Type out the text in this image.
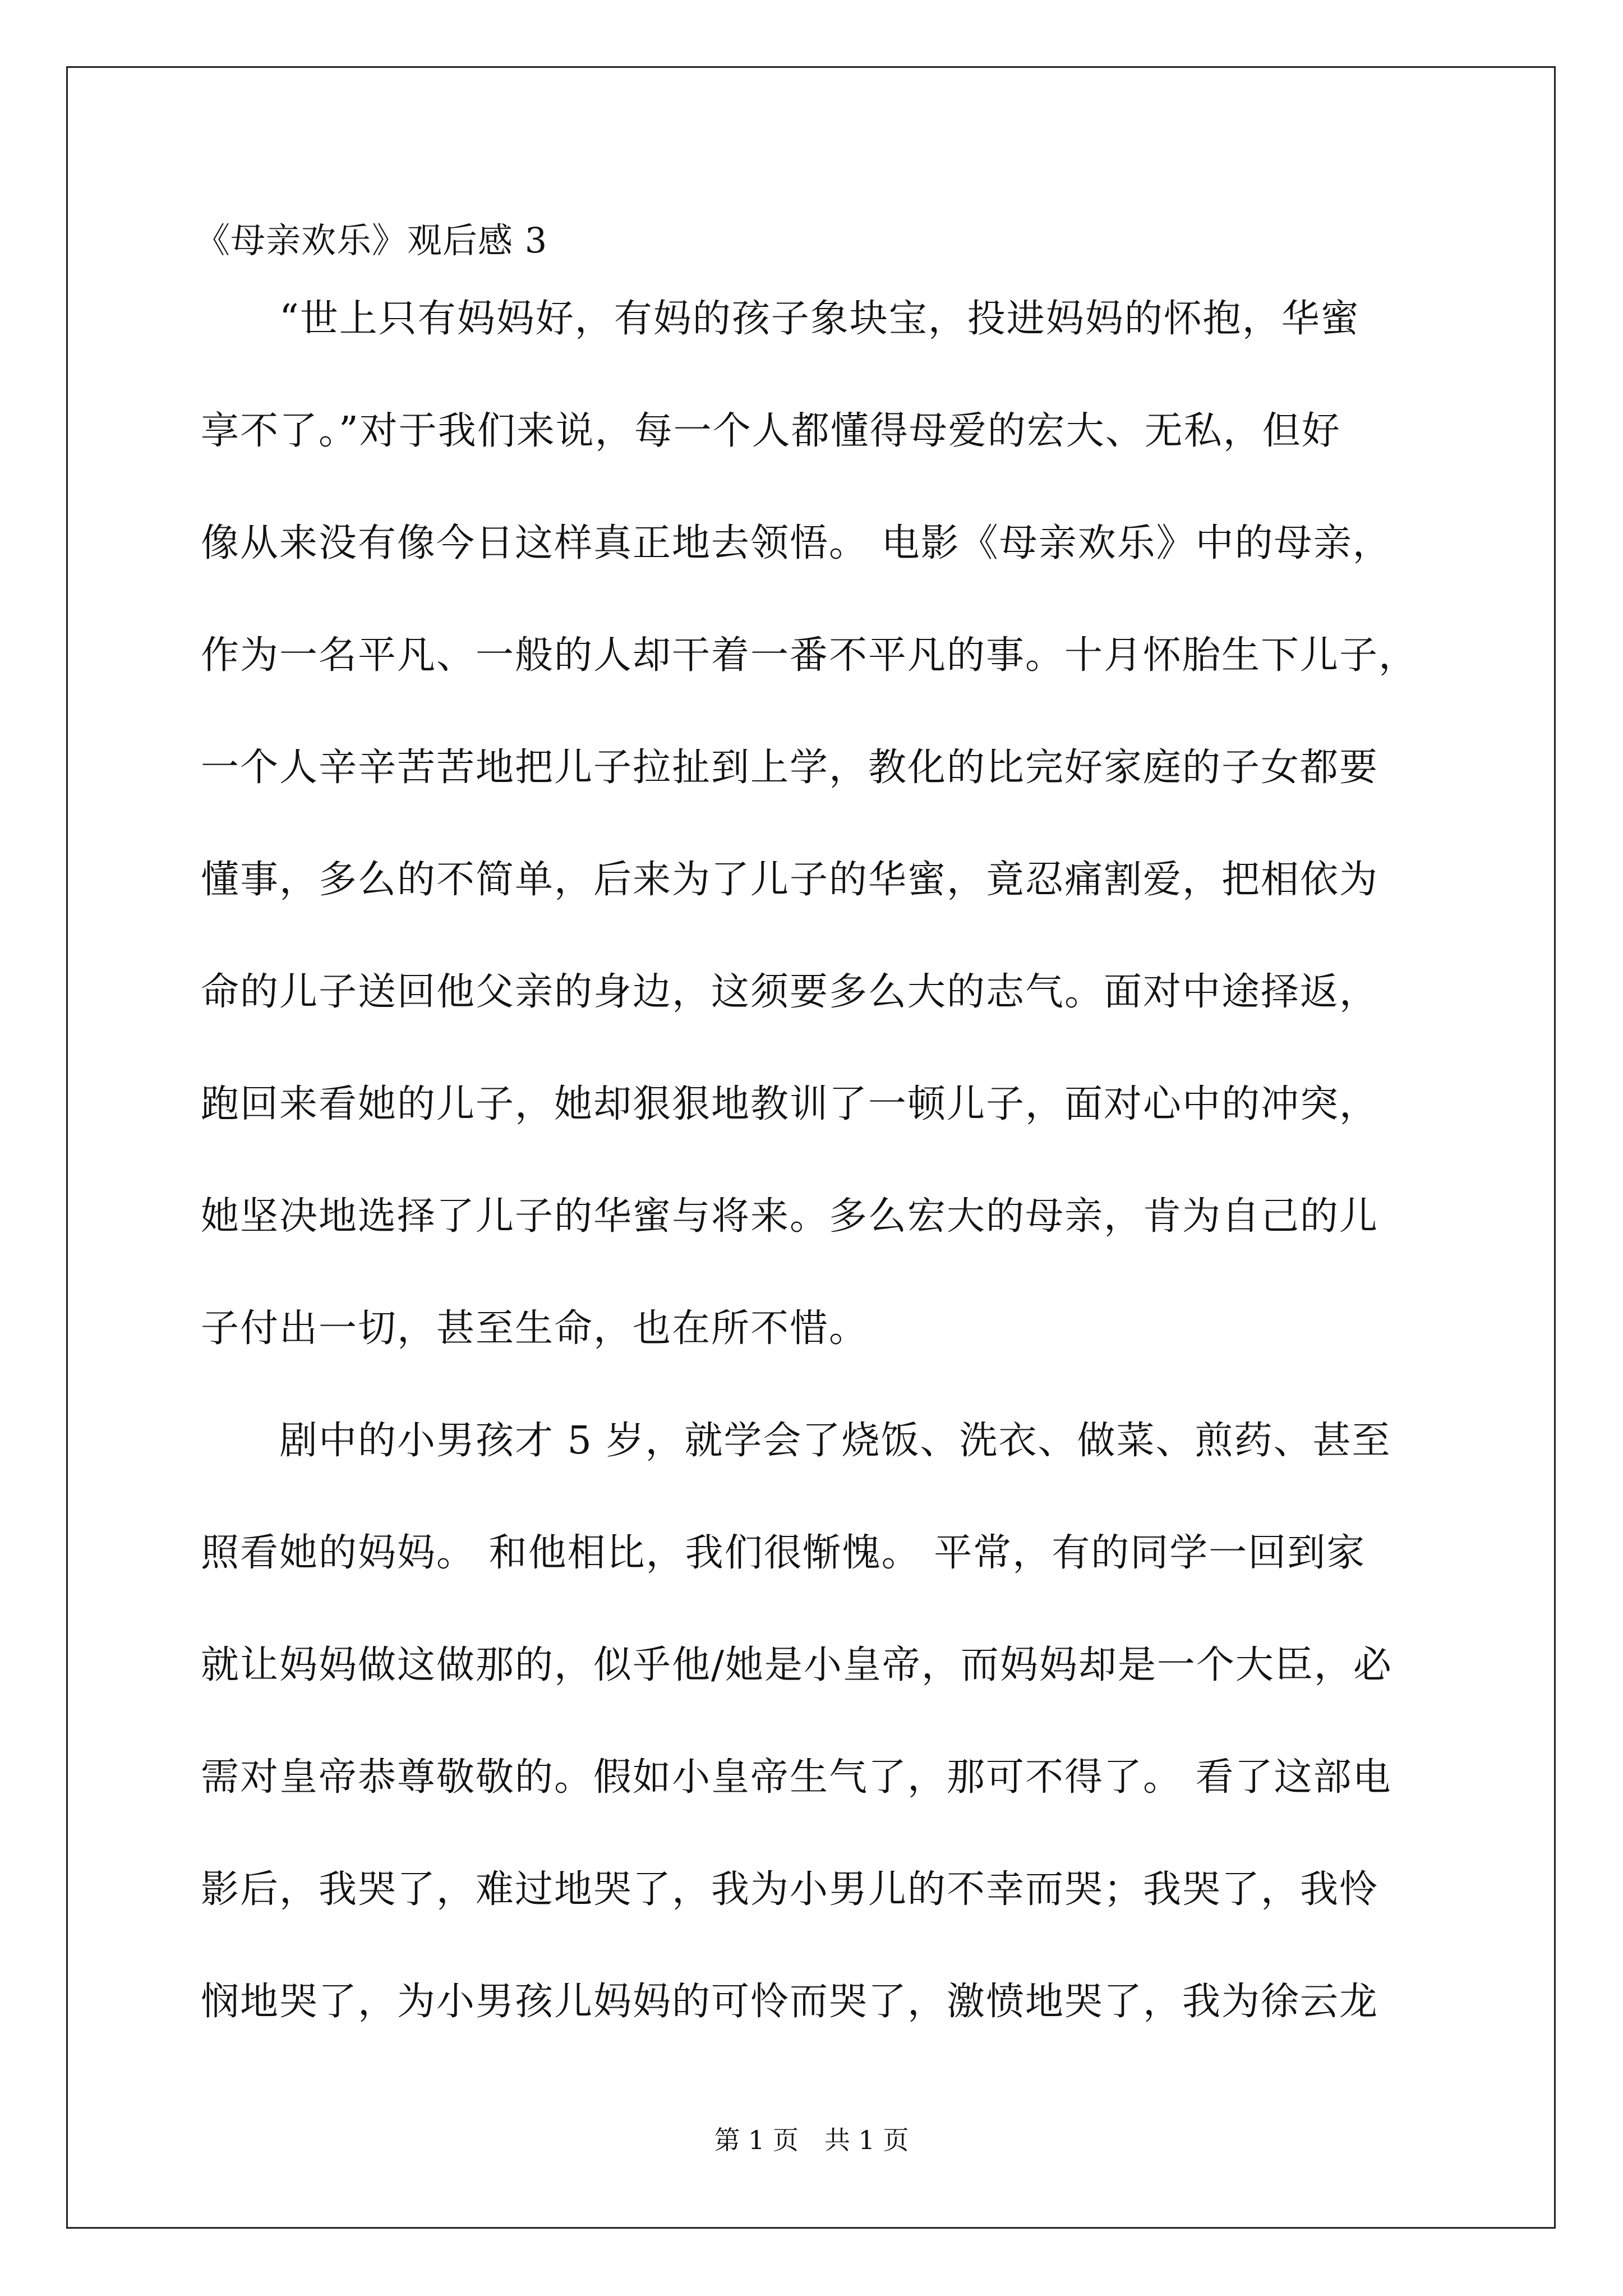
《母亲欢乐》观后感 3
　　“世上只有妈妈好，有妈的孩子象块宝，投进妈妈的怀抱，华蜜
享不了。”对于我们来说，每一个人都懂得母爱的宏大、无私，但好
像从来没有像今日这样真正地去领悟。 电影《母亲欢乐》中的母亲，
作为一名平凡、一般的人却干着一番不平凡的事。十月怀胎生下儿子，
一个人辛辛苦苦地把儿子拉扯到上学，教化的比完好家庭的子女都要
懂事，多么的不简单，后来为了儿子的华蜜，竟忍痛割爱，把相依为
命的儿子送回他父亲的身边，这须要多么大的志气。面对中途择返，
跑回来看她的儿子，她却狠狠地教训了一顿儿子，面对心中的冲突，
她坚决地选择了儿子的华蜜与将来。多么宏大的母亲，肯为自己的儿
子付出一切，甚至生命，也在所不惜。
　　剧中的小男孩才 5 岁，就学会了烧饭、洗衣、做菜、煎药、甚至
照看她的妈妈。 和他相比，我们很惭愧。 平常，有的同学一回到家
就让妈妈做这做那的，似乎他/她是小皇帝，而妈妈却是一个大臣，必
需对皇帝恭尊敬敬的。假如小皇帝生气了，那可不得了。 看了这部电
影后，我哭了，难过地哭了，我为小男儿的不幸而哭；我哭了，我怜
悯地哭了，为小男孩儿妈妈的可怜而哭了，激愤地哭了，我为徐云龙
第 1 页　共 1 页
